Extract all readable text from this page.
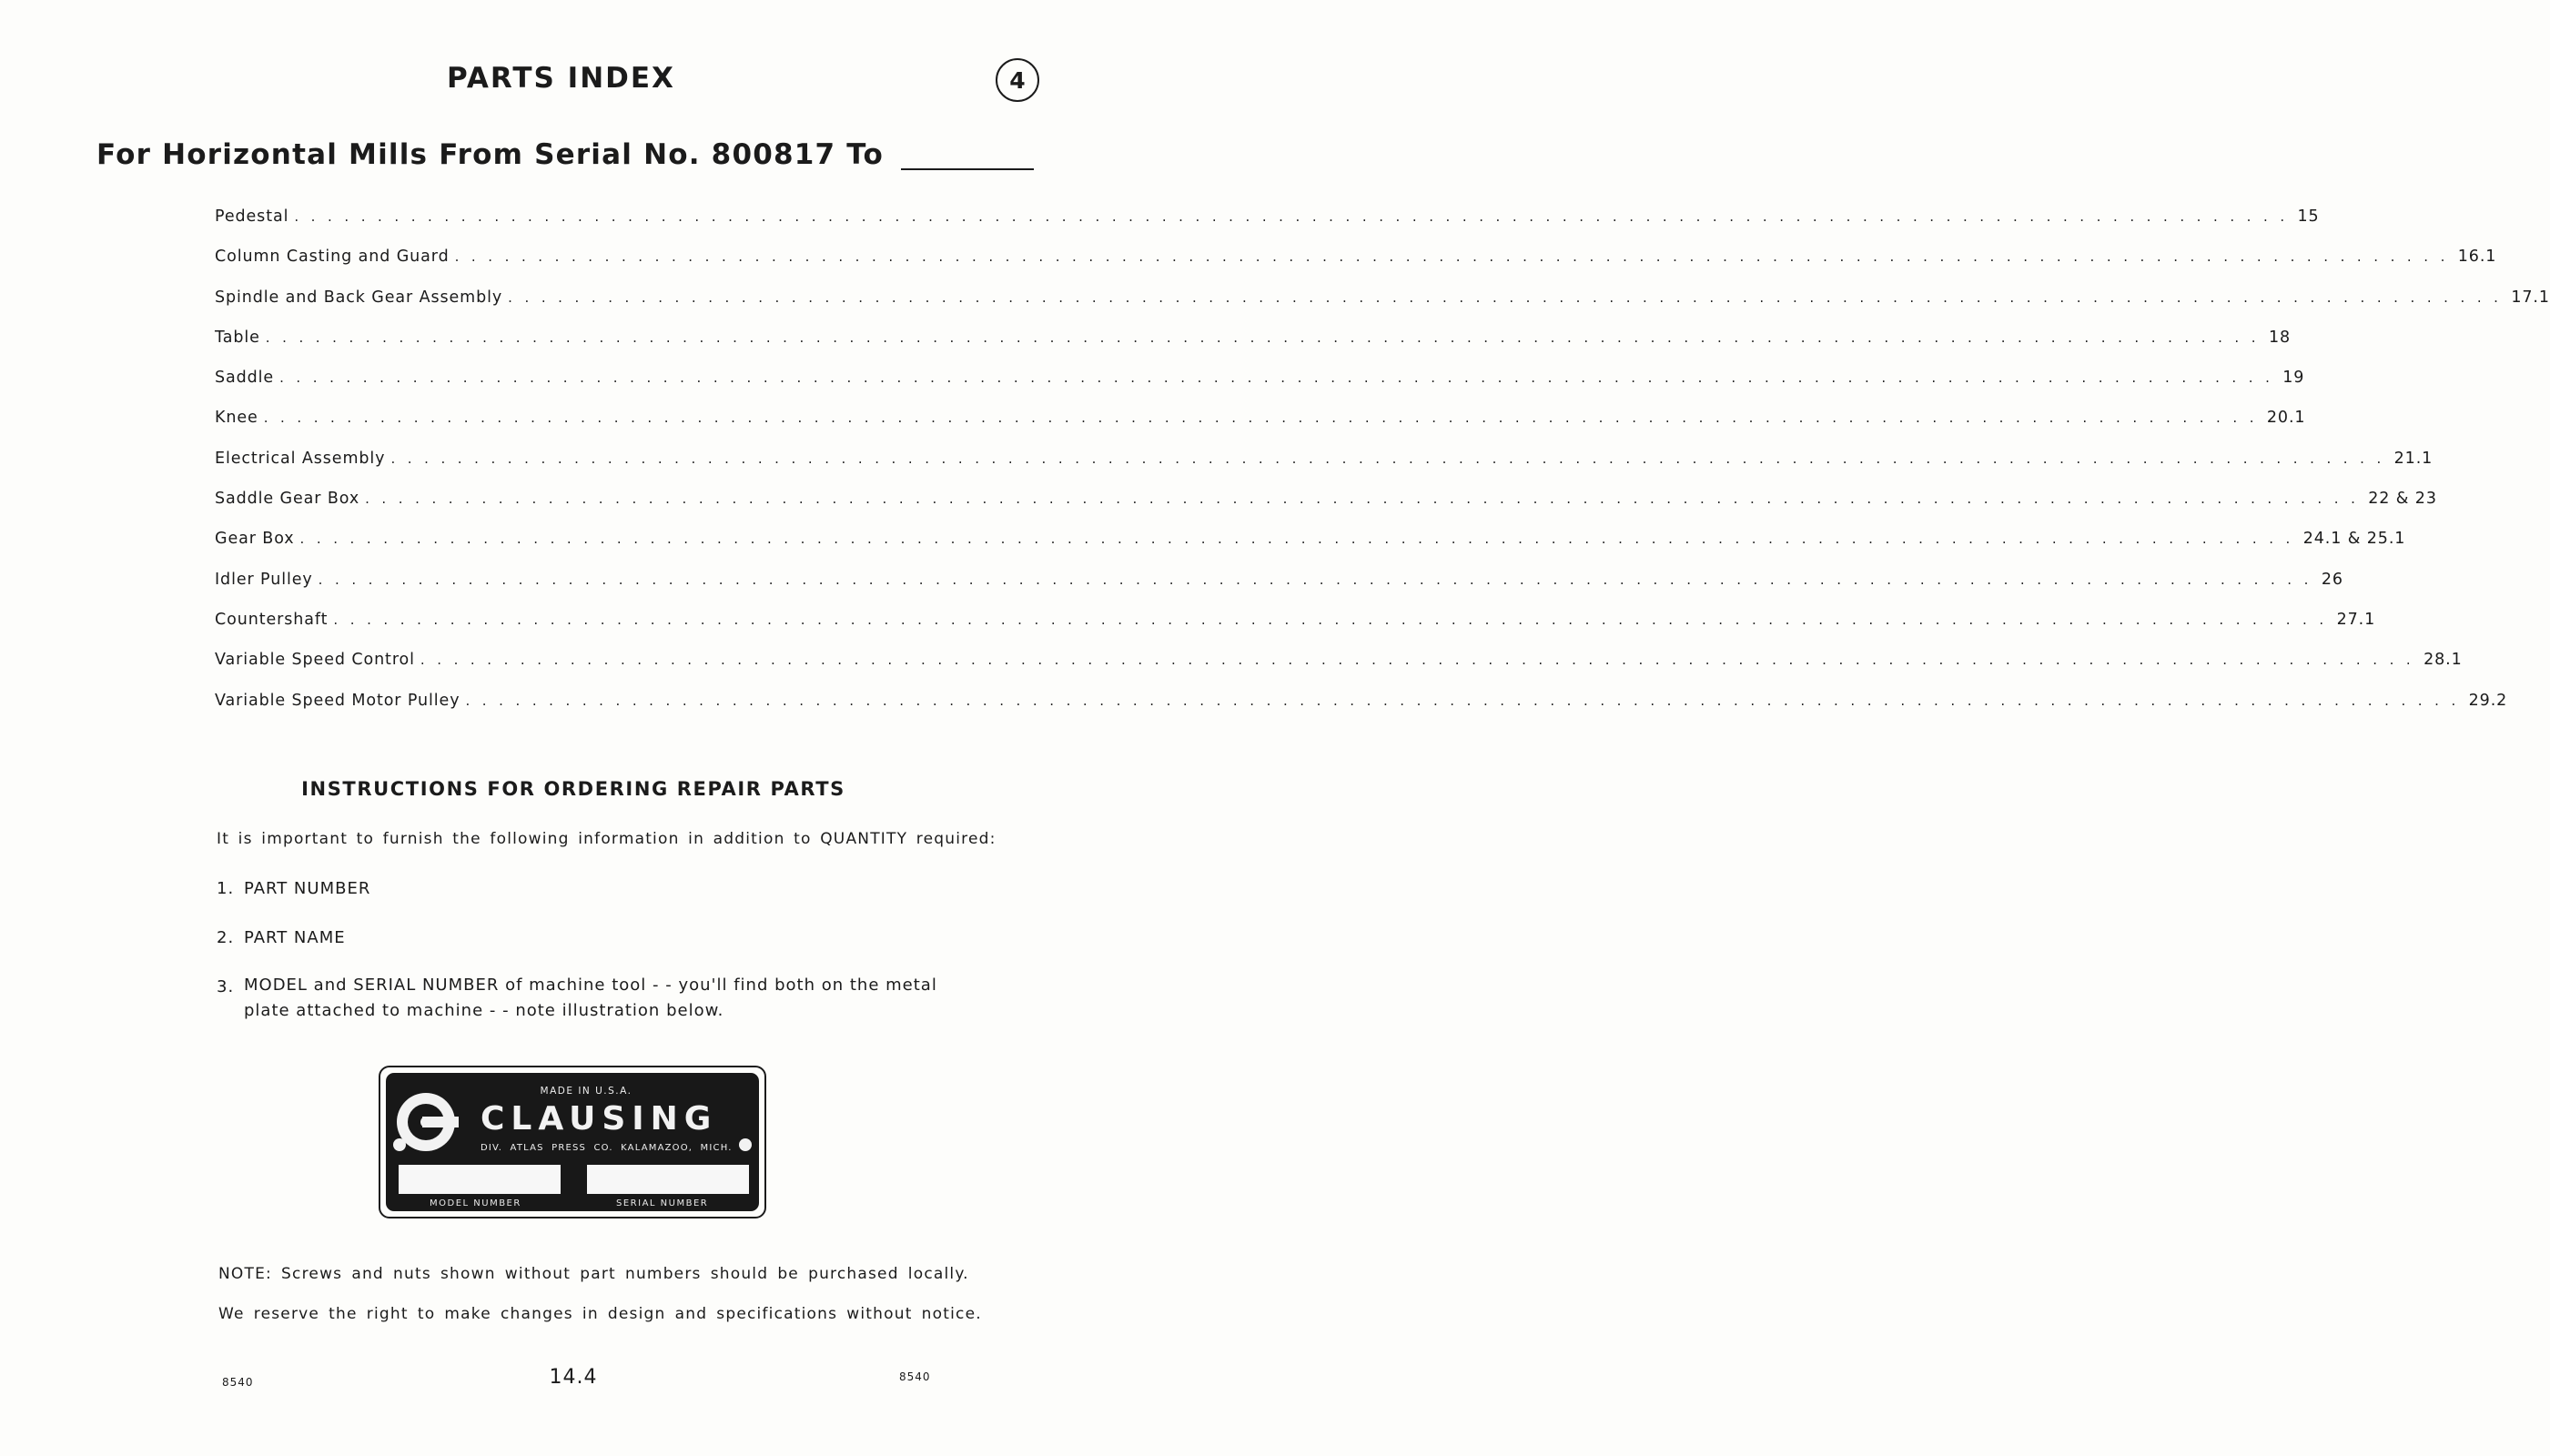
PARTS INDEX	4
For Horizontal Mills From Serial No. 800817 To
Pedestal . . . . . . . . . . . . . . . . . . . . . . . . . . . . . . . . . . . . . . . . . . . . . . . . . . . . . . . . . . . . . . . . . . . . . . . . . . . . . . . . . . . . . . . . . . . . . . . . . . . . . . . . . . . . . . . . . . . . . . . . 15
Column Casting and Guard . . . . . . . . . . . . . . . . . . . . . . . . . . . . . . . . . . . . . . . . . . . . . . . . . . . . . . . . . . . . . . . . . . . . . . . . . . . . . . . . . . . . . . . . . . . . . . . . . . . . . . . . . . . . . . . . . . . . . . . . 16.1
Spindle and Back Gear Assembly . . . . . . . . . . . . . . . . . . . . . . . . . . . . . . . . . . . . . . . . . . . . . . . . . . . . . . . . . . . . . . . . . . . . . . . . . . . . . . . . . . . . . . . . . . . . . . . . . . . . . . . . . . . . . . . . . . . . . . . . 17.1
Table . . . . . . . . . . . . . . . . . . . . . . . . . . . . . . . . . . . . . . . . . . . . . . . . . . . . . . . . . . . . . . . . . . . . . . . . . . . . . . . . . . . . . . . . . . . . . . . . . . . . . . . . . . . . . . . . . . . . . . . . 18
Saddle . . . . . . . . . . . . . . . . . . . . . . . . . . . . . . . . . . . . . . . . . . . . . . . . . . . . . . . . . . . . . . . . . . . . . . . . . . . . . . . . . . . . . . . . . . . . . . . . . . . . . . . . . . . . . . . . . . . . . . . . 19
Knee . . . . . . . . . . . . . . . . . . . . . . . . . . . . . . . . . . . . . . . . . . . . . . . . . . . . . . . . . . . . . . . . . . . . . . . . . . . . . . . . . . . . . . . . . . . . . . . . . . . . . . . . . . . . . . . . . . . . . . . . 20.1
Electrical Assembly . . . . . . . . . . . . . . . . . . . . . . . . . . . . . . . . . . . . . . . . . . . . . . . . . . . . . . . . . . . . . . . . . . . . . . . . . . . . . . . . . . . . . . . . . . . . . . . . . . . . . . . . . . . . . . . . . . . . . . . . 21.1
Saddle Gear Box . . . . . . . . . . . . . . . . . . . . . . . . . . . . . . . . . . . . . . . . . . . . . . . . . . . . . . . . . . . . . . . . . . . . . . . . . . . . . . . . . . . . . . . . . . . . . . . . . . . . . . . . . . . . . . . . . . . . . . . . 22 & 23
Gear Box . . . . . . . . . . . . . . . . . . . . . . . . . . . . . . . . . . . . . . . . . . . . . . . . . . . . . . . . . . . . . . . . . . . . . . . . . . . . . . . . . . . . . . . . . . . . . . . . . . . . . . . . . . . . . . . . . . . . . . . . 24.1 & 25.1
Idler Pulley . . . . . . . . . . . . . . . . . . . . . . . . . . . . . . . . . . . . . . . . . . . . . . . . . . . . . . . . . . . . . . . . . . . . . . . . . . . . . . . . . . . . . . . . . . . . . . . . . . . . . . . . . . . . . . . . . . . . . . . . 26
Countershaft . . . . . . . . . . . . . . . . . . . . . . . . . . . . . . . . . . . . . . . . . . . . . . . . . . . . . . . . . . . . . . . . . . . . . . . . . . . . . . . . . . . . . . . . . . . . . . . . . . . . . . . . . . . . . . . . . . . . . . . . 27.1
Variable Speed Control . . . . . . . . . . . . . . . . . . . . . . . . . . . . . . . . . . . . . . . . . . . . . . . . . . . . . . . . . . . . . . . . . . . . . . . . . . . . . . . . . . . . . . . . . . . . . . . . . . . . . . . . . . . . . . . . . . . . . . . . 28.1
Variable Speed Motor Pulley . . . . . . . . . . . . . . . . . . . . . . . . . . . . . . . . . . . . . . . . . . . . . . . . . . . . . . . . . . . . . . . . . . . . . . . . . . . . . . . . . . . . . . . . . . . . . . . . . . . . . . . . . . . . . . . . . . . . . . . . 29.2
INSTRUCTIONS FOR ORDERING REPAIR PARTS
It is important to furnish the following information in addition to QUANTITY required:
1. PART NUMBER
2. PART NAME
3. MODEL and SERIAL NUMBER of machine tool - - you'll find both on the metal plate attached to machine - - note illustration below.
MADE IN U.S.A.
CLAUSING
DIV. ATLAS PRESS CO. KALAMAZOO, MICH.
MODEL NUMBER	SERIAL NUMBER
NOTE: Screws and nuts shown without part numbers should be purchased locally.
We reserve the right to make changes in design and specifications without notice.
8540	14.4	8540
